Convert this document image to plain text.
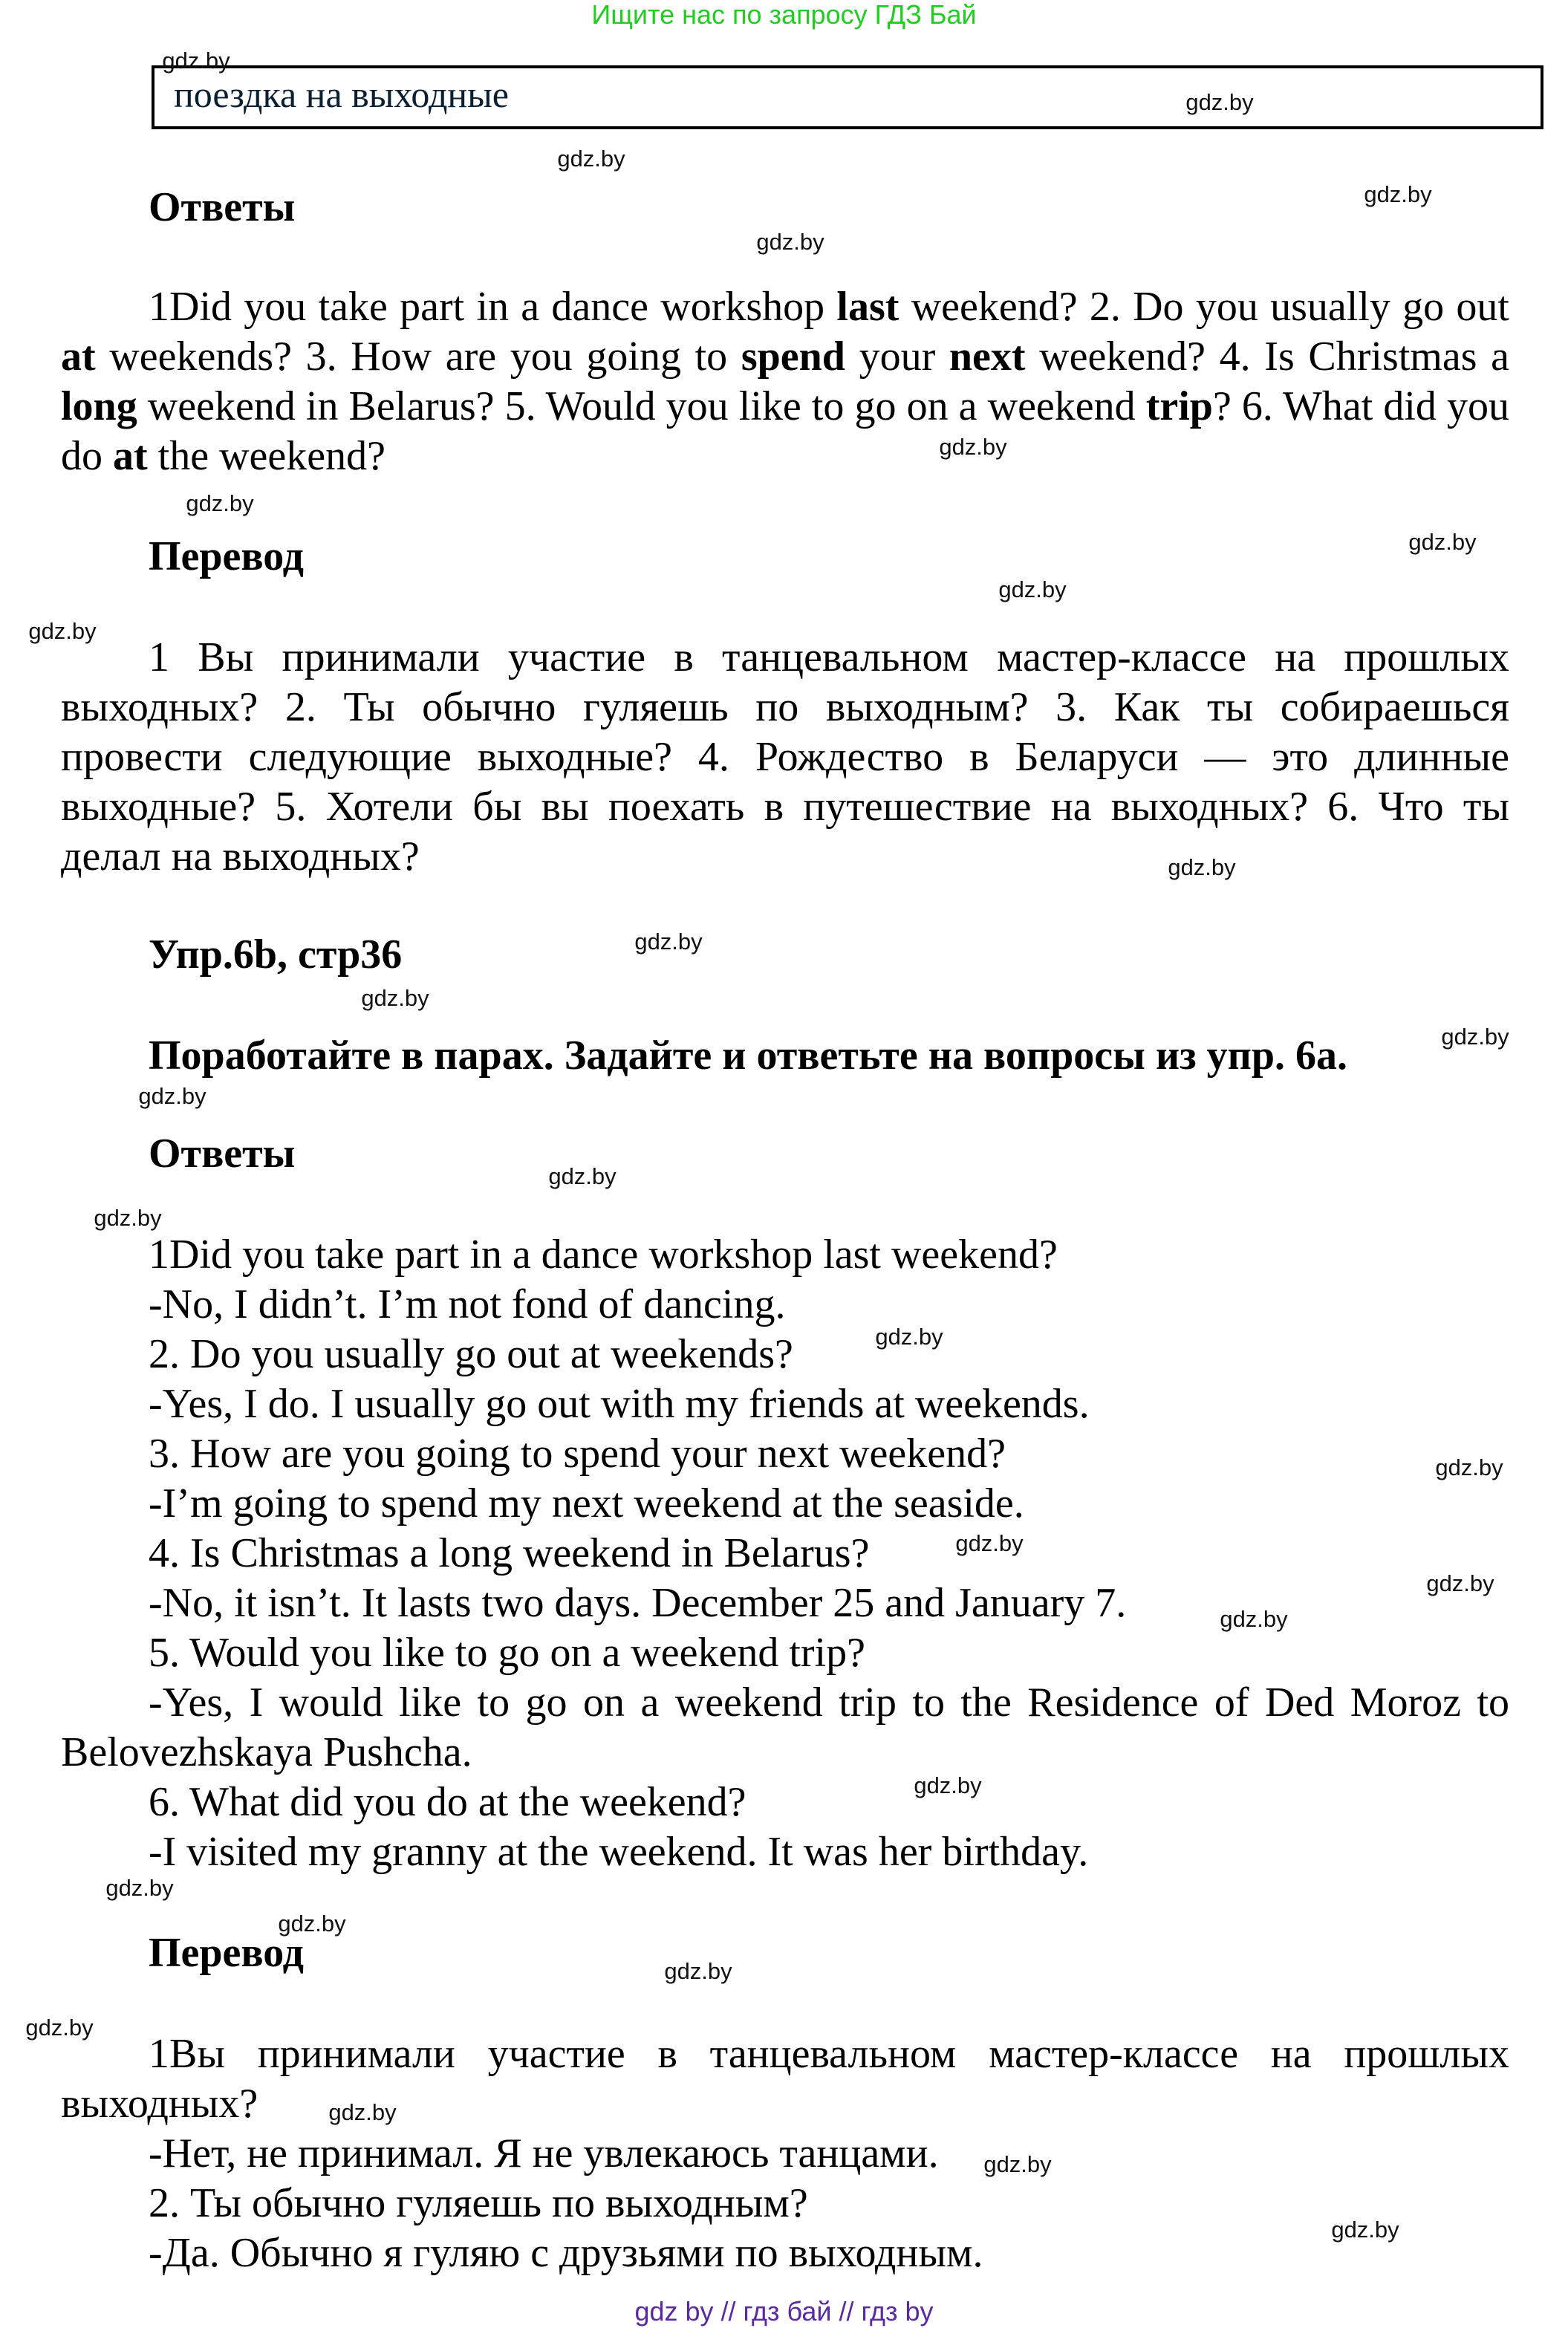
Ищите нас по запросу ГДЗ Бай
поездка на выходные
Ответы
1Did you take part in a dance workshop last weekend? 2. Do you usually go out at weekends? 3. How are you going to spend your next weekend? 4. Is Christmas a long weekend in Belarus? 5. Would you like to go on a weekend trip? 6. What did you do at the weekend?
Перевод
1 Вы принимали участие в танцевальном мастер-классе на прошлых выходных? 2. Ты обычно гуляешь по выходным? 3. Как ты собираешься провести следующие выходные? 4. Рождество в Беларуси — это длинные выходные? 5. Хотели бы вы поехать в путешествие на выходных? 6. Что ты делал на выходных?
Упр.6b, стр36
Поработайте в парах. Задайте и ответьте на вопросы из упр. 6а.
Ответы
1Did you take part in a dance workshop last weekend?
-No, I didn’t. I’m not fond of dancing.
2. Do you usually go out at weekends?
-Yes, I do. I usually go out with my friends at weekends.
3. How are you going to spend your next weekend?
-I’m going to spend my next weekend at the seaside.
4. Is Christmas a long weekend in Belarus?
-No, it isn’t. It lasts two days. December 25 and January 7.
5. Would you like to go on a weekend trip?
-Yes, I would like to go on a weekend trip to the Residence of Ded Moroz to Belovezhskaya Pushcha.
6. What did you do at the weekend?
-I visited my granny at the weekend. It was her birthday.
Перевод
1Вы принимали участие в танцевальном мастер-классе на прошлых выходных?
-Нет, не принимал. Я не увлекаюсь танцами.
2. Ты обычно гуляешь по выходным?
-Да. Обычно я гуляю с друзьями по выходным.
gdz.by
gdz.by
gdz.by
gdz.by
gdz.by
gdz.by
gdz.by
gdz.by
gdz.by
gdz.by
gdz.by
gdz.by
gdz.by
gdz.by
gdz.by
gdz.by
gdz.by
gdz.by
gdz.by
gdz.by
gdz.by
gdz.by
gdz.by
gdz.by
gdz.by
gdz.by
gdz.by
gdz.by
gdz.by
gdz.by
gdz by // гдз бай // гдз by
